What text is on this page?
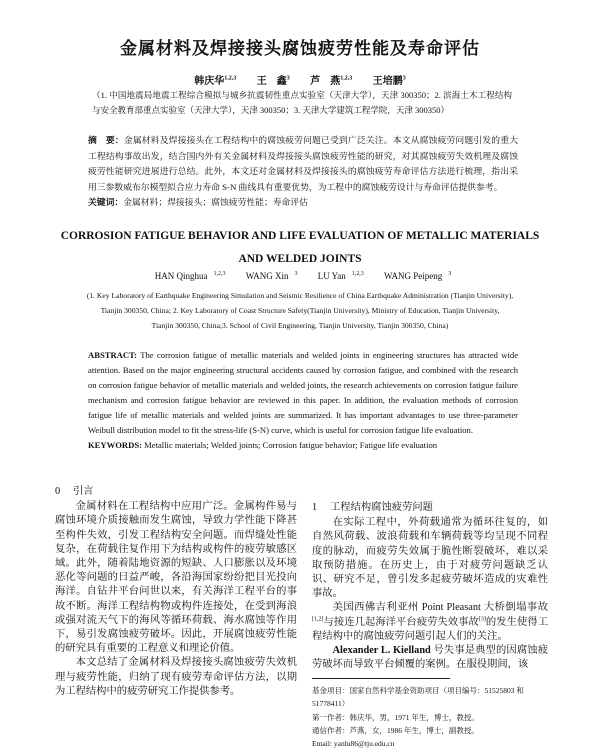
金属材料及焊接接头腐蚀疲劳性能及寿命评估
韩庆华$^{1,2,3}$ 王　鑫$^3$ 芦　燕$^{1,2,3}$ 王培鹏$^3$
（1. 中国地震局地震工程综合模拟与城乡抗震韧性重点实验室（天津大学），天津 300350；2. 滨海土木工程结构与安全教育部重点实验室（天津大学），天津 300350；3. 天津大学建筑工程学院，天津 300350）
摘　要：金属材料及焊接接头在工程结构中的腐蚀疲劳问题已受到广泛关注。本文从腐蚀疲劳问题引发的重大工程结构事故出发，结合国内外有关金属材料及焊接接头腐蚀疲劳性能的研究，对其腐蚀疲劳失效机理及腐蚀疲劳性能研究进展进行总结。此外，本文还对金属材料及焊接接头的腐蚀疲劳寿命评估方法进行梳理，指出采用三参数威布尔模型拟合应力寿命 S-N 曲线具有重要优势，为工程中的腐蚀疲劳设计与寿命评估提供参考。
关键词：金属材料；焊接接头；腐蚀疲劳性能；寿命评估
CORROSION FATIGUE BEHAVIOR AND LIFE EVALUATION OF METALLIC MATERIALS
AND WELDED JOINTS
HAN Qinghua $^{1,2,3}$ WANG Xin $^3$ LU Yan $^{1,2,3}$ WANG Peipeng $^3$
(1. Key Laboratory of Earthquake Engineering Simulation and Seismic Resilience of China Earthquake Administration (Tianjin University),
Tianjin 300350, China; 2. Key Laboratory of Coast Structure Safety(Tianjin University), Ministry of Education, Tianjin University,
Tianjin 300350, China;3. School of Civil Engineering, Tianjin University, Tianjin 300350, China)
ABSTRACT: The corrosion fatigue of metallic materials and welded joints in engineering structures has attracted wide attention. Based on the major engineering structural accidents caused by corrosion fatigue, and combined with the research on corrosion fatigue behavior of metallic materials and welded joints, the research achievements on corrosion fatigue failure mechanism and corrosion fatigue behavior are reviewed in this paper. In addition, the evaluation methods of corrosion fatigue life of metallic materials and welded joints are summarized. It has important advantages to use three-parameter Weibull distribution model to fit the stress-life (S-N) curve, which is useful for corrosion fatigue life evaluation.
KEYWORDS: Metallic materials; Welded joints; Corrosion fatigue behavior; Fatigue life evaluation
0 引言
金属材料在工程结构中应用广泛。金属构件易与腐蚀环境介质接触而发生腐蚀，导致力学性能下降甚至构件失效，引发工程结构安全问题。而焊缝处性能复杂，在荷载往复作用下为结构或构件的疲劳敏感区域。此外，随着陆地资源的短缺、人口膨胀以及环境恶化等问题的日益严峻，各沿海国家纷纷把目光投向海洋。自钻井平台问世以来，有关海洋工程平台的事故不断。海洋工程结构物或构件连接处，在受到海浪或强对流天气下的海风等循环荷载、海水腐蚀等作用下，易引发腐蚀疲劳破坏。因此，开展腐蚀疲劳性能的研究具有重要的工程意义和理论价值。
本文总结了金属材料及焊接接头腐蚀疲劳失效机理与疲劳性能，归纳了现有疲劳寿命评估方法，以期为工程结构中的疲劳研究工作提供参考。
1 工程结构腐蚀疲劳问题
在实际工程中，外荷载通常为循环往复的，如自然风荷载、波浪荷载和车辆荷载等均呈现不同程度的脉动，而疲劳失效属于脆性断裂破坏，难以采取预防措施。在历史上，由于对疲劳问题缺乏认识、研究不足，曾引发多起疲劳破坏造成的灾难性事故。
美国西佛吉利亚州 Point Pleasant 大桥倒塌事故[1,2]与接连几起海洋平台疲劳失效事故[3]的发生使得工程结构中的腐蚀疲劳问题引起人们的关注。
Alexander L. Kielland 号失事是典型的因腐蚀疲劳破坏而导致平台倾覆的案例。在服役期间，该
基金项目：国家自然科学基金资助项目（项目编号：51525803 和 51778411）
第一作者：韩庆华，男，1971 年生，博士，教授。
通信作者：芦燕，女，1986 年生，博士，副教授。
Email: yanlu86@tju.edu.cn
